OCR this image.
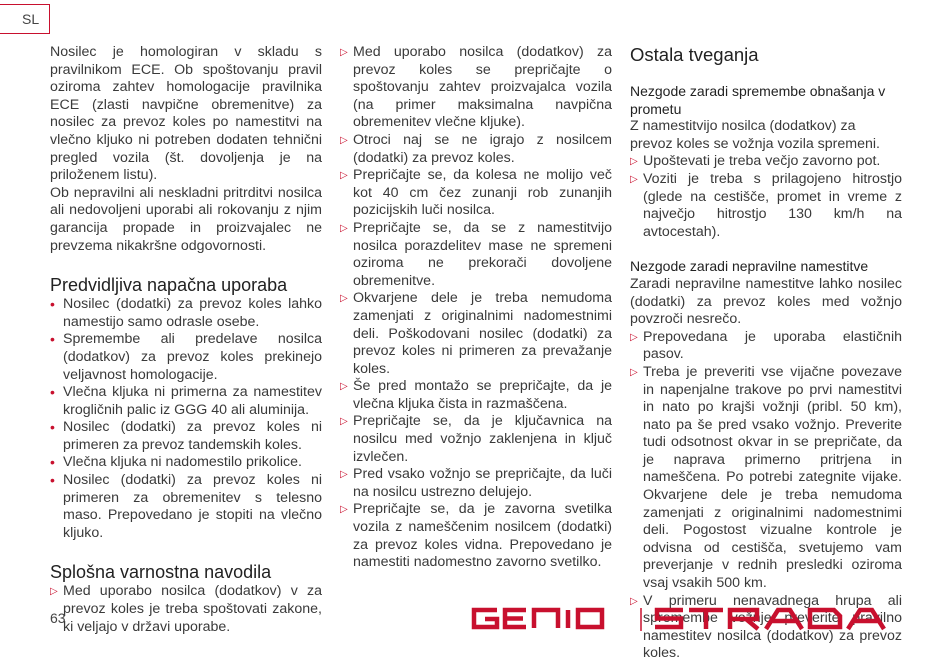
SL

Nosilec je homologiran v skladu s pravilnikom ECE. Ob spoštovanju pravil oziroma zahtev homologacije pravilnika ECE (zlasti navpične obremenitve) za nosilec za prevoz koles po namestitvi na vlečno kljuko ni potreben dodaten tehnični pregled vozila (št. dovoljenja je na priloženem listu).

Ob nepravilni ali neskladni pritrditvi nosilca ali nedovoljeni uporabi ali rokovanju z njim garancija propade in proizvajalec ne prevzema nikakršne odgovornosti.

Predvidljiva napačna uporaba
• Nosilec (dodatki) za prevoz koles lahko namestijo samo odrasle osebe.
• Spremembe ali predelave nosilca (dodatkov) za prevoz koles prekinejo veljavnost homologacije.
• Vlečna kljuka ni primerna za namestitev krogličnih palic iz GGG 40 ali aluminija.
• Nosilec (dodatki) za prevoz koles ni primeren za prevoz tandemskih koles.
• Vlečna kljuka ni nadomestilo prikolice.
• Nosilec (dodatki) za prevoz koles ni primeren za obremenitev s telesno maso. Prepovedano je stopiti na vlečno kljuko.
Splošna varnostna navodila
▷ Med uporabo nosilca (dodatkov) v za prevoz koles je treba spoštovati zakone, ki veljajo v državi uporabe.
▷ Med uporabo nosilca (dodatkov) za prevoz koles se prepričajte o spoštovanju zahtev proizvajalca vozila (na primer maksimalna navpična obremenitev vlečne kljuke).
▷ Otroci naj se ne igrajo z nosilcem (dodatki) za prevoz koles.
▷ Prepričajte se, da kolesa ne molijo več kot 40 cm čez zunanji rob zunanjih pozicijskih luči nosilca.
▷ Prepričajte se, da se z namestitvijo nosilca porazdelitev mase ne spremeni oziroma ne prekorači dovoljene obremenitve.
▷ Okvarjene dele je treba nemudoma zamenjati z originalnimi nadomestnimi deli. Poškodovani nosilec (dodatki) za prevoz koles ni primeren za prevažanje koles.
▷ Še pred montažo se prepričajte, da je vlečna kljuka čista in razmaščena.
▷ Prepričajte se, da je ključavnica na nosilcu med vožnjo zaklenjena in ključ izvlečen.
▷ Pred vsako vožnjo se prepričajte, da luči na nosilcu ustrezno delujejo.
▷ Prepričajte se, da je zavorna svetilka vozila z nameščenim nosilcem (dodatki) za prevoz koles vidna. Prepovedano je namestiti nadomestno zavorno svetilko.
Ostala tveganja
Nezgode zaradi spremembe obnašanja v prometu

Z namestitvijo nosilca (dodatkov) za prevoz koles se vožnja vozila spremeni.

▷ Upoštevati je treba večjo zavorno pot.
▷ Voziti je treba s prilagojeno hitrostjo (glede na cestišče, promet in vreme z največjo hitrostjo 130 km/h na avtocestah).
Nezgode zaradi nepravilne namestitve

Zaradi nepravilne namestitve lahko nosilec (dodatki) za prevoz koles med vožnjo povzroči nesrečo.

▷ Prepovedana je uporaba elastičnih pasov.
▷ Treba je preveriti vse vijačne povezave in napenjalne trakove po prvi namestitvi in nato po krajši vožnji (pribl. 50 km), nato pa še pred vsako vožnjo. Preverite tudi odsotnost okvar in se prepričate, da je naprava primerno pritrjena in nameščena. Po potrebi zategnite vijake. Okvarjene dele je treba nemudoma zamenjati z originalnimi nadomestnimi deli. Pogostost vizualne kontrole je odvisna od cestišča, svetujemo vam preverjanje v rednih presledki oziroma vsaj vsakih 500 km.
▷ V primeru nenavadnega hrupa ali spremembe vožnje preverite pravilno namestitev nosilca (dodatkov) za prevoz koles.
63
